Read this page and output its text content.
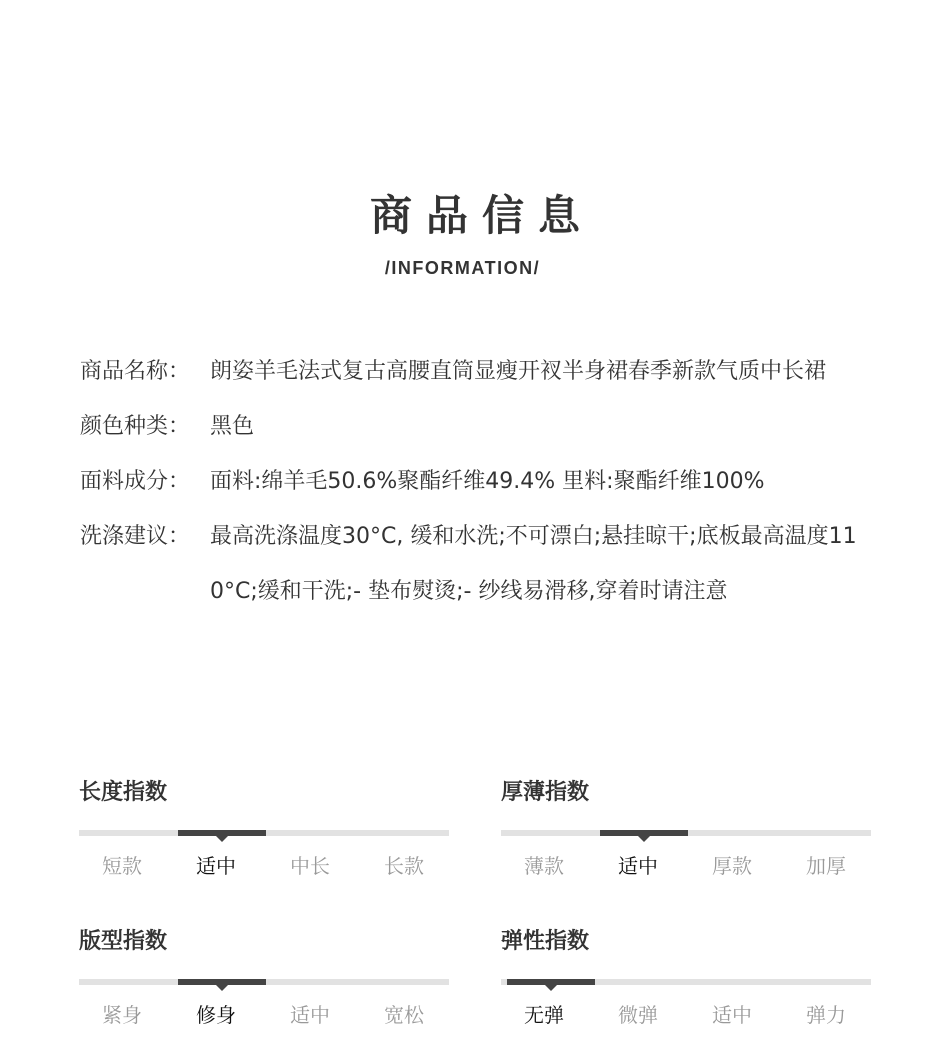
商品信息
/INFORMATION/
商品名称： 朗姿羊毛法式复古高腰直筒显瘦开衩半身裙春季新款气质中长裙
颜色种类： 黑色
面料成分： 面料:绵羊毛50.6%聚酯纤维49.4% 里料:聚酯纤维100%
洗涤建议： 最高洗涤温度30°C, 缓和水洗;不可漂白;悬挂晾干;底板最高温度110°C;缓和干洗;- 垫布熨烫;- 纱线易滑移,穿着时请注意
长度指数
短款	适中	中长	长款
厚薄指数
薄款	适中	厚款	加厚
版型指数
紧身	修身	适中	宽松
弹性指数
无弹	微弹	适中	弹力
